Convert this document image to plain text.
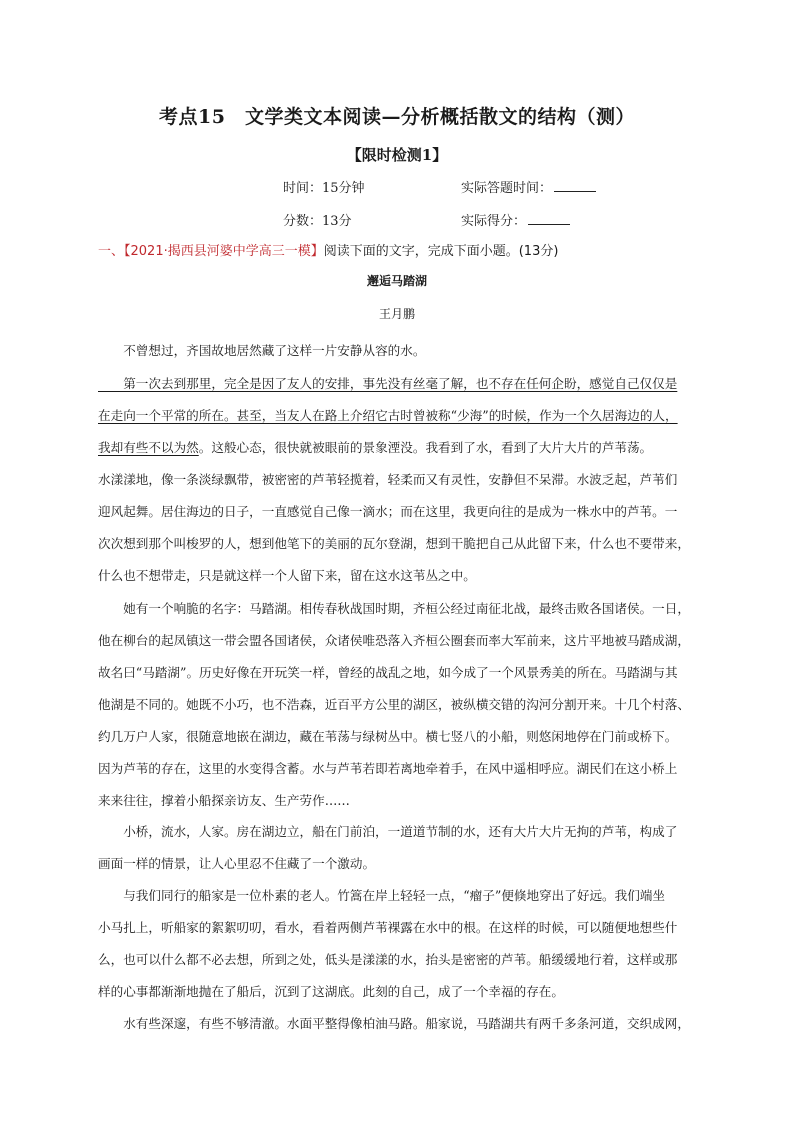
考点15　文学类文本阅读—分析概括散文的结构（测）
【限时检测1】
时间：15分钟	实际答题时间：
分数：13分	实际得分：
一、【2021·揭西县河婆中学高三一模】阅读下面的文字，完成下面小题。(13分)
邂逅马踏湖
王月鹏
　　不曾想过，齐国故地居然藏了这样一片安静从容的水。
　　第一次去到那里，完全是因了友人的安排，事先没有丝毫了解，也不存在任何企盼，感觉自己仅仅是
在走向一个平常的所在。甚至，当友人在路上介绍它古时曾被称“少海”的时候，作为一个久居海边的人，
我却有些不以为然。这般心态，很快就被眼前的景象湮没。我看到了水，看到了大片大片的芦苇荡。
水漾漾地，像一条淡绿飘带，被密密的芦苇轻揽着，轻柔而又有灵性，安静但不呆滞。水波乏起，芦苇们
迎风起舞。居住海边的日子，一直感觉自己像一滴水；而在这里，我更向往的是成为一株水中的芦苇。一
次次想到那个叫梭罗的人，想到他笔下的美丽的瓦尔登湖，想到干脆把自己从此留下来，什么也不要带来，
什么也不想带走，只是就这样一个人留下来，留在这水这苇丛之中。
　　她有一个响脆的名字：马踏湖。相传春秋战国时期，齐桓公经过南征北战，最终击败各国诸侯。一日，
他在柳台的起凤镇这一带会盟各国诸侯，众诸侯唯恐落入齐桓公圈套而率大军前来，这片平地被马踏成湖，
故名曰“马踏湖”。历史好像在开玩笑一样，曾经的战乱之地，如今成了一个风景秀美的所在。马踏湖与其
他湖是不同的。她既不小巧，也不浩森，近百平方公里的湖区，被纵横交错的沟河分割开来。十几个村落、
约几万户人家，很随意地嵌在湖边，藏在苇荡与绿树丛中。横七竖八的小船，则悠闲地停在门前或桥下。
因为芦苇的存在，这里的水变得含蓄。水与芦苇若即若离地牵着手，在风中遥相呼应。湖民们在这小桥上
来来往往，撑着小船探亲访友、生产劳作……
　　小桥，流水，人家。房在湖边立，船在门前泊，一道道节制的水，还有大片大片无拘的芦苇，构成了
画面一样的情景，让人心里忍不住藏了一个激动。
　　与我们同行的船家是一位朴素的老人。竹篙在岸上轻轻一点，“瘤子”便倏地穿出了好远。我们端坐
小马扎上，听船家的絮絮叨叨，看水，看着两侧芦苇裸露在水中的根。在这样的时候，可以随便地想些什
么，也可以什么都不必去想，所到之处，低头是漾漾的水，抬头是密密的芦苇。船缓缓地行着，这样或那
样的心事都渐渐地抛在了船后，沉到了这湖底。此刻的自己，成了一个幸福的存在。
　　水有些深邃，有些不够清澈。水面平整得像柏油马路。船家说，马踏湖共有两千多条河道，交织成网，
